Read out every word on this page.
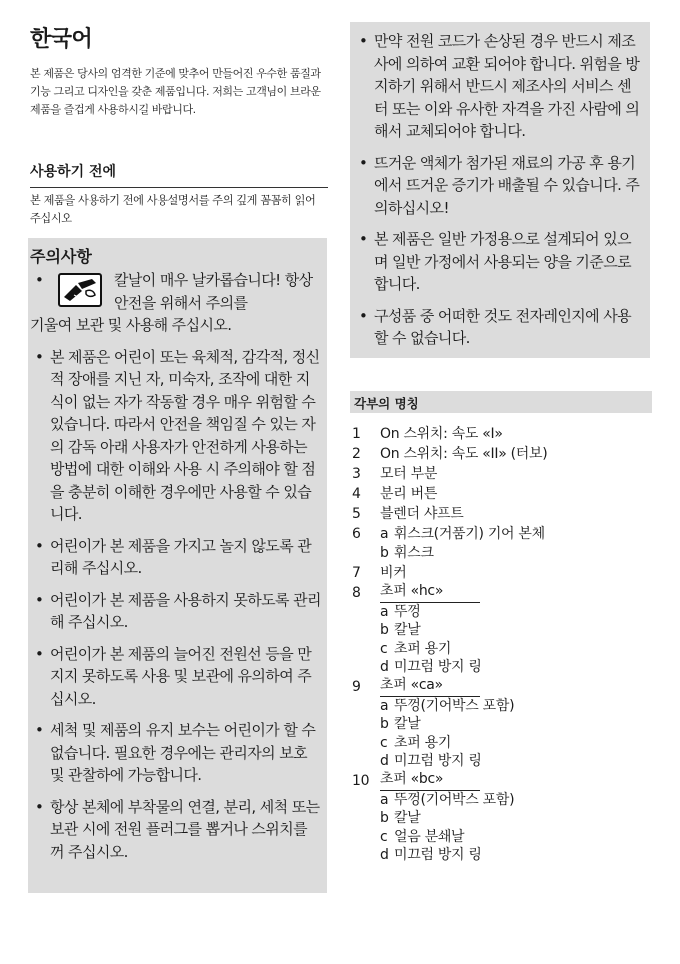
한국어

본 제품은 당사의 엄격한 기준에 맞추어 만들어진 우수한 품질과 기능 그리고 디자인을 갖춘 제품입니다. 저희는 고객님이 브라운 제품을 즐겁게 사용하시길 바랍니다.

사용하기 전에

본 제품을 사용하기 전에 사용설명서를 주의 깊게 꼼꼼히 읽어 주십시오

주의사항
•	칼날이 매우 날카롭습니다! 항상 안전을 위해서 주의를
기울여 보관 및 사용해 주십시오.
• 본 제품은 어린이 또는 육체적, 감각적, 정신적 장애를 지닌 자, 미숙자, 조작에 대한 지식이 없는 자가 작동할 경우 매우 위험할 수 있습니다. 따라서 안전을 책임질 수 있는 자의 감독 아래 사용자가 안전하게 사용하는 방법에 대한 이해와 사용 시 주의해야 할 점을 충분히 이해한 경우에만 사용할 수 있습니다.
• 어린이가 본 제품을 가지고 놀지 않도록 관리해 주십시오.
• 어린이가 본 제품을 사용하지 못하도록 관리해 주십시오.
• 어린이가 본 제품의 늘어진 전원선 등을 만지지 못하도록 사용 및 보관에 유의하여 주십시오.
• 세척 및 제품의 유지 보수는 어린이가 할 수 없습니다. 필요한 경우에는 관리자의 보호 및 관찰하에 가능합니다.
• 항상 본체에 부착물의 연결, 분리, 세척 또는 보관 시에 전원 플러그를 뽑거나 스위치를 꺼 주십시오.
• 만약 전원 코드가 손상된 경우 반드시 제조사에 의하여 교환 되어야 합니다. 위험을 방지하기 위해서 반드시 제조사의 서비스 센터 또는 이와 유사한 자격을 가진 사람에 의해서 교체되어야 합니다.
• 뜨거운 액체가 첨가된 재료의 가공 후 용기에서 뜨거운 증기가 배출될 수 있습니다. 주의하십시오!
• 본 제품은 일반 가정용으로 설계되어 있으며 일반 가정에서 사용되는 양을 기준으로 합니다.
• 구성품 중 어떠한 것도 전자레인지에 사용할 수 없습니다.
각부의 명칭
1	On 스위치: 속도 «I»
2	On 스위치: 속도 «II» (터보)
3	모터 부분
4	분리 버튼
5	블렌더 샤프트
6	a 휘스크(거품기) 기어 본체
b 휘스크
7	비커
8	초퍼 «hc»
a 뚜껑
b 칼날
c 초퍼 용기
d 미끄럼 방지 링
9	초퍼 «ca»
a 뚜껑(기어박스 포함)
b 칼날
c 초퍼 용기
d 미끄럼 방지 링
10 초퍼 «bc»
a 뚜껑(기어박스 포함)
b 칼날
c 얼음 분쇄날
d 미끄럼 방지 링
